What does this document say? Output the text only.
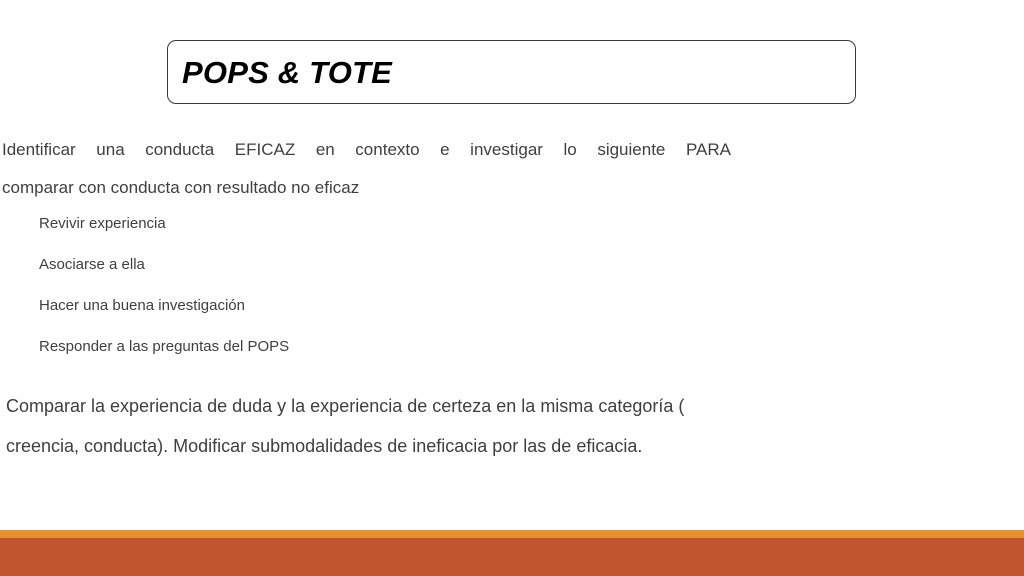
POPS & TOTE
Identificar una conducta EFICAZ en contexto e investigar lo siguiente PARA
comparar con conducta con resultado no eficaz
Revivir experiencia
Asociarse a ella
Hacer una buena investigación
Responder a las preguntas del POPS
Comparar la experiencia de duda y la experiencia de certeza en la misma categoría (
creencia, conducta). Modificar submodalidades de ineficacia por las de eficacia.
